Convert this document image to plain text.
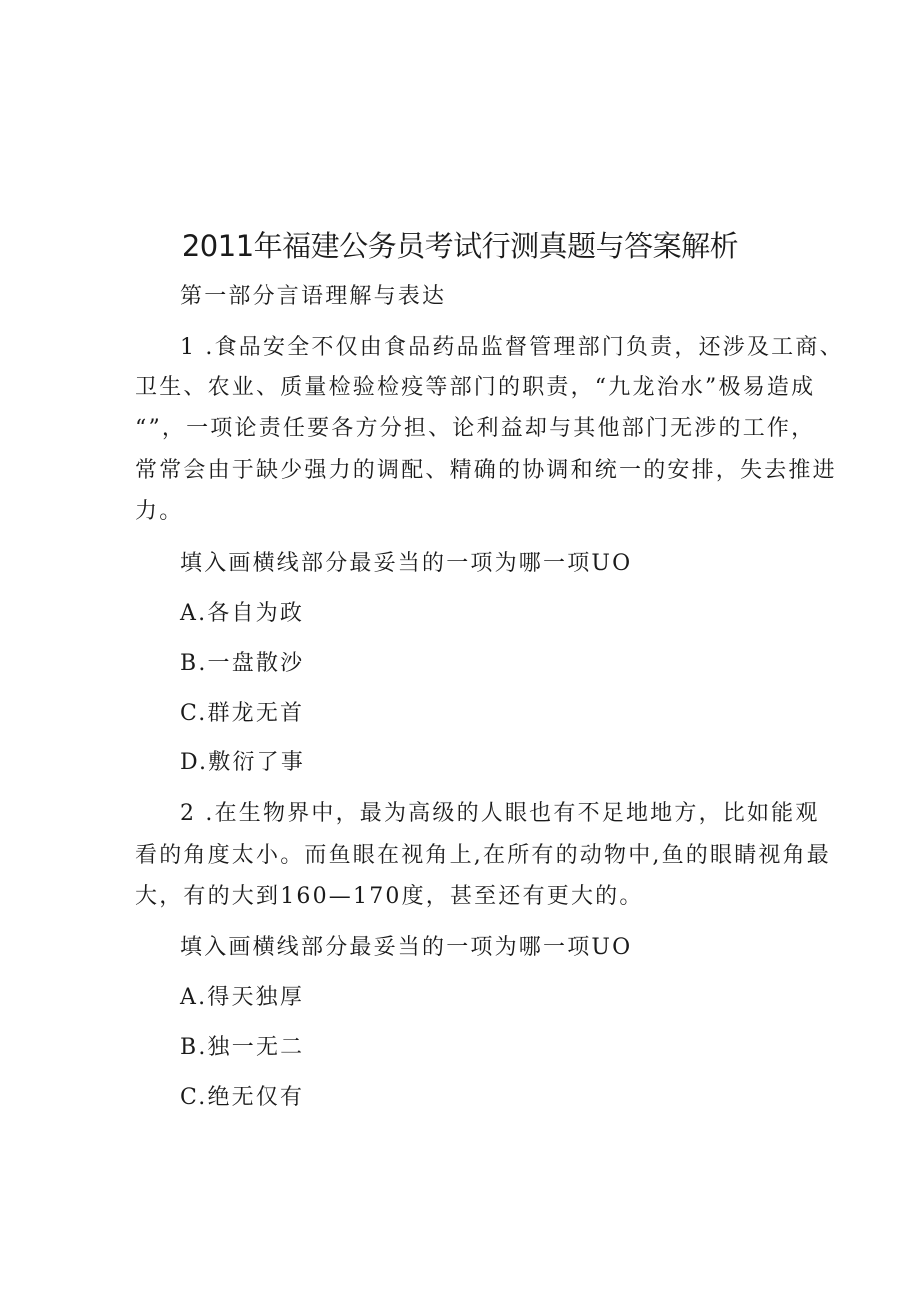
2011年福建公务员考试行测真题与答案解析
第一部分言语理解与表达
1 .食品安全不仅由食品药品监督管理部门负责，还涉及工商、
卫生、农业、质量检验检疫等部门的职责，“九龙治水”极易造成
“”，一项论责任要各方分担、论利益却与其他部门无涉的工作，
常常会由于缺少强力的调配、精确的协调和统一的安排，失去推进
力。
填入画横线部分最妥当的一项为哪一项UO
A.各自为政
B.一盘散沙
C.群龙无首
D.敷衍了事
2 .在生物界中，最为高级的人眼也有不足地地方，比如能观
看的角度太小。而鱼眼在视角上,在所有的动物中,鱼的眼睛视角最
大，有的大到160—170度，甚至还有更大的。
填入画横线部分最妥当的一项为哪一项UO
A.得天独厚
B.独一无二
C.绝无仅有
